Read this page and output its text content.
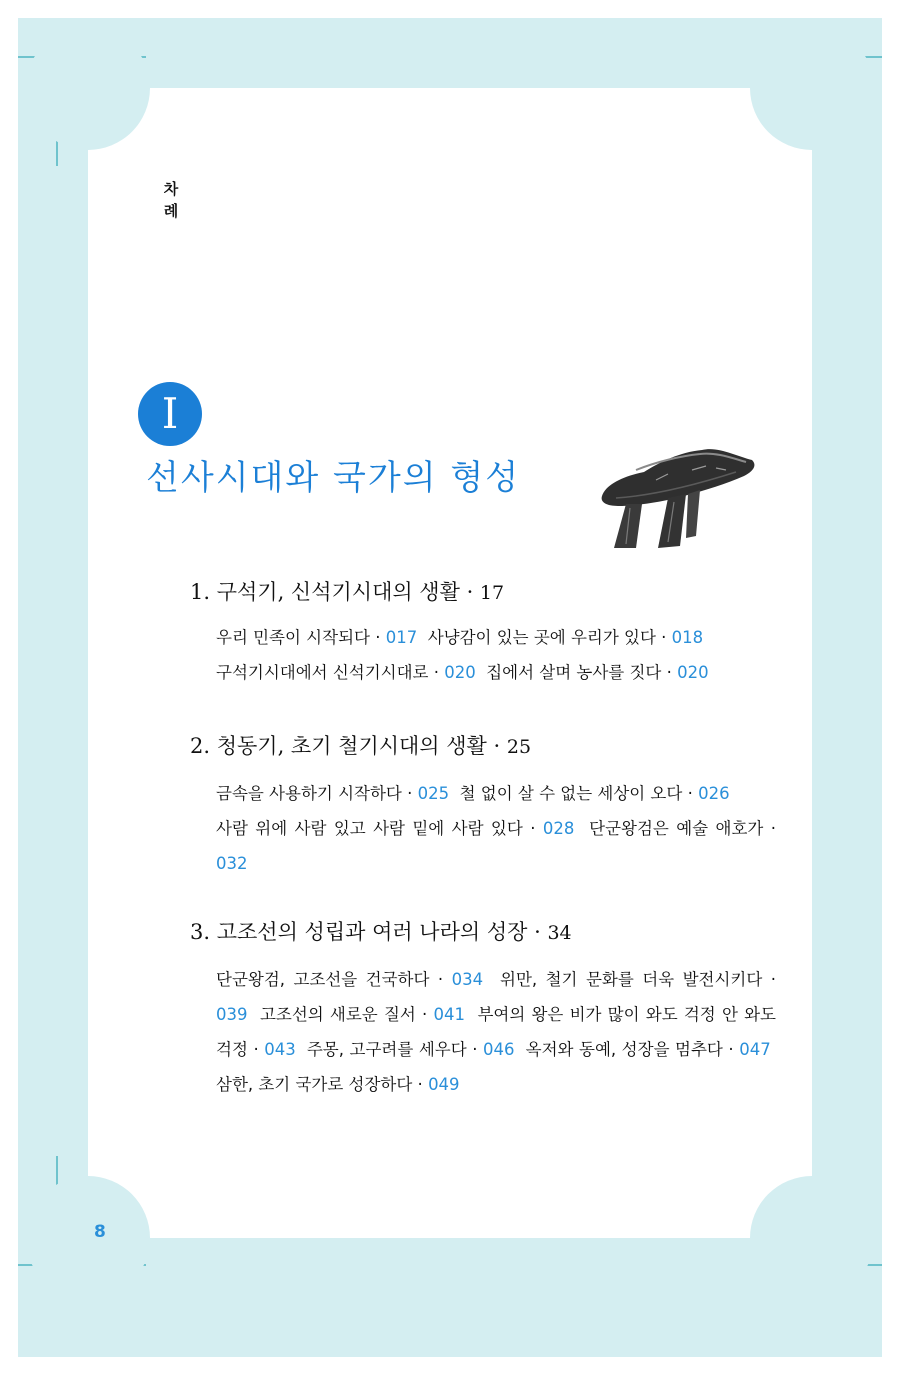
차
례
I
선사시대와 국가의 형성
1. 구석기, 신석기시대의 생활 · 17
우리 민족이 시작되다 · 017 사냥감이 있는 곳에 우리가 있다 · 018
구석기시대에서 신석기시대로 · 020 집에서 살며 농사를 짓다 · 020
2. 청동기, 초기 철기시대의 생활 · 25
금속을 사용하기 시작하다 · 025 철 없이 살 수 없는 세상이 오다 · 026
사람 위에 사람 있고 사람 밑에 사람 있다 · 028 단군왕검은 예술 애호가 · 032
3. 고조선의 성립과 여러 나라의 성장 · 34
단군왕검, 고조선을 건국하다 · 034 위만, 철기 문화를 더욱 발전시키다 · 039 고조선의 새로운 질서 · 041 부여의 왕은 비가 많이 와도 걱정 안 와도 걱정 · 043 주몽, 고구려를 세우다 · 046 옥저와 동예, 성장을 멈추다 · 047  삼한, 초기 국가로 성장하다 · 049
8
